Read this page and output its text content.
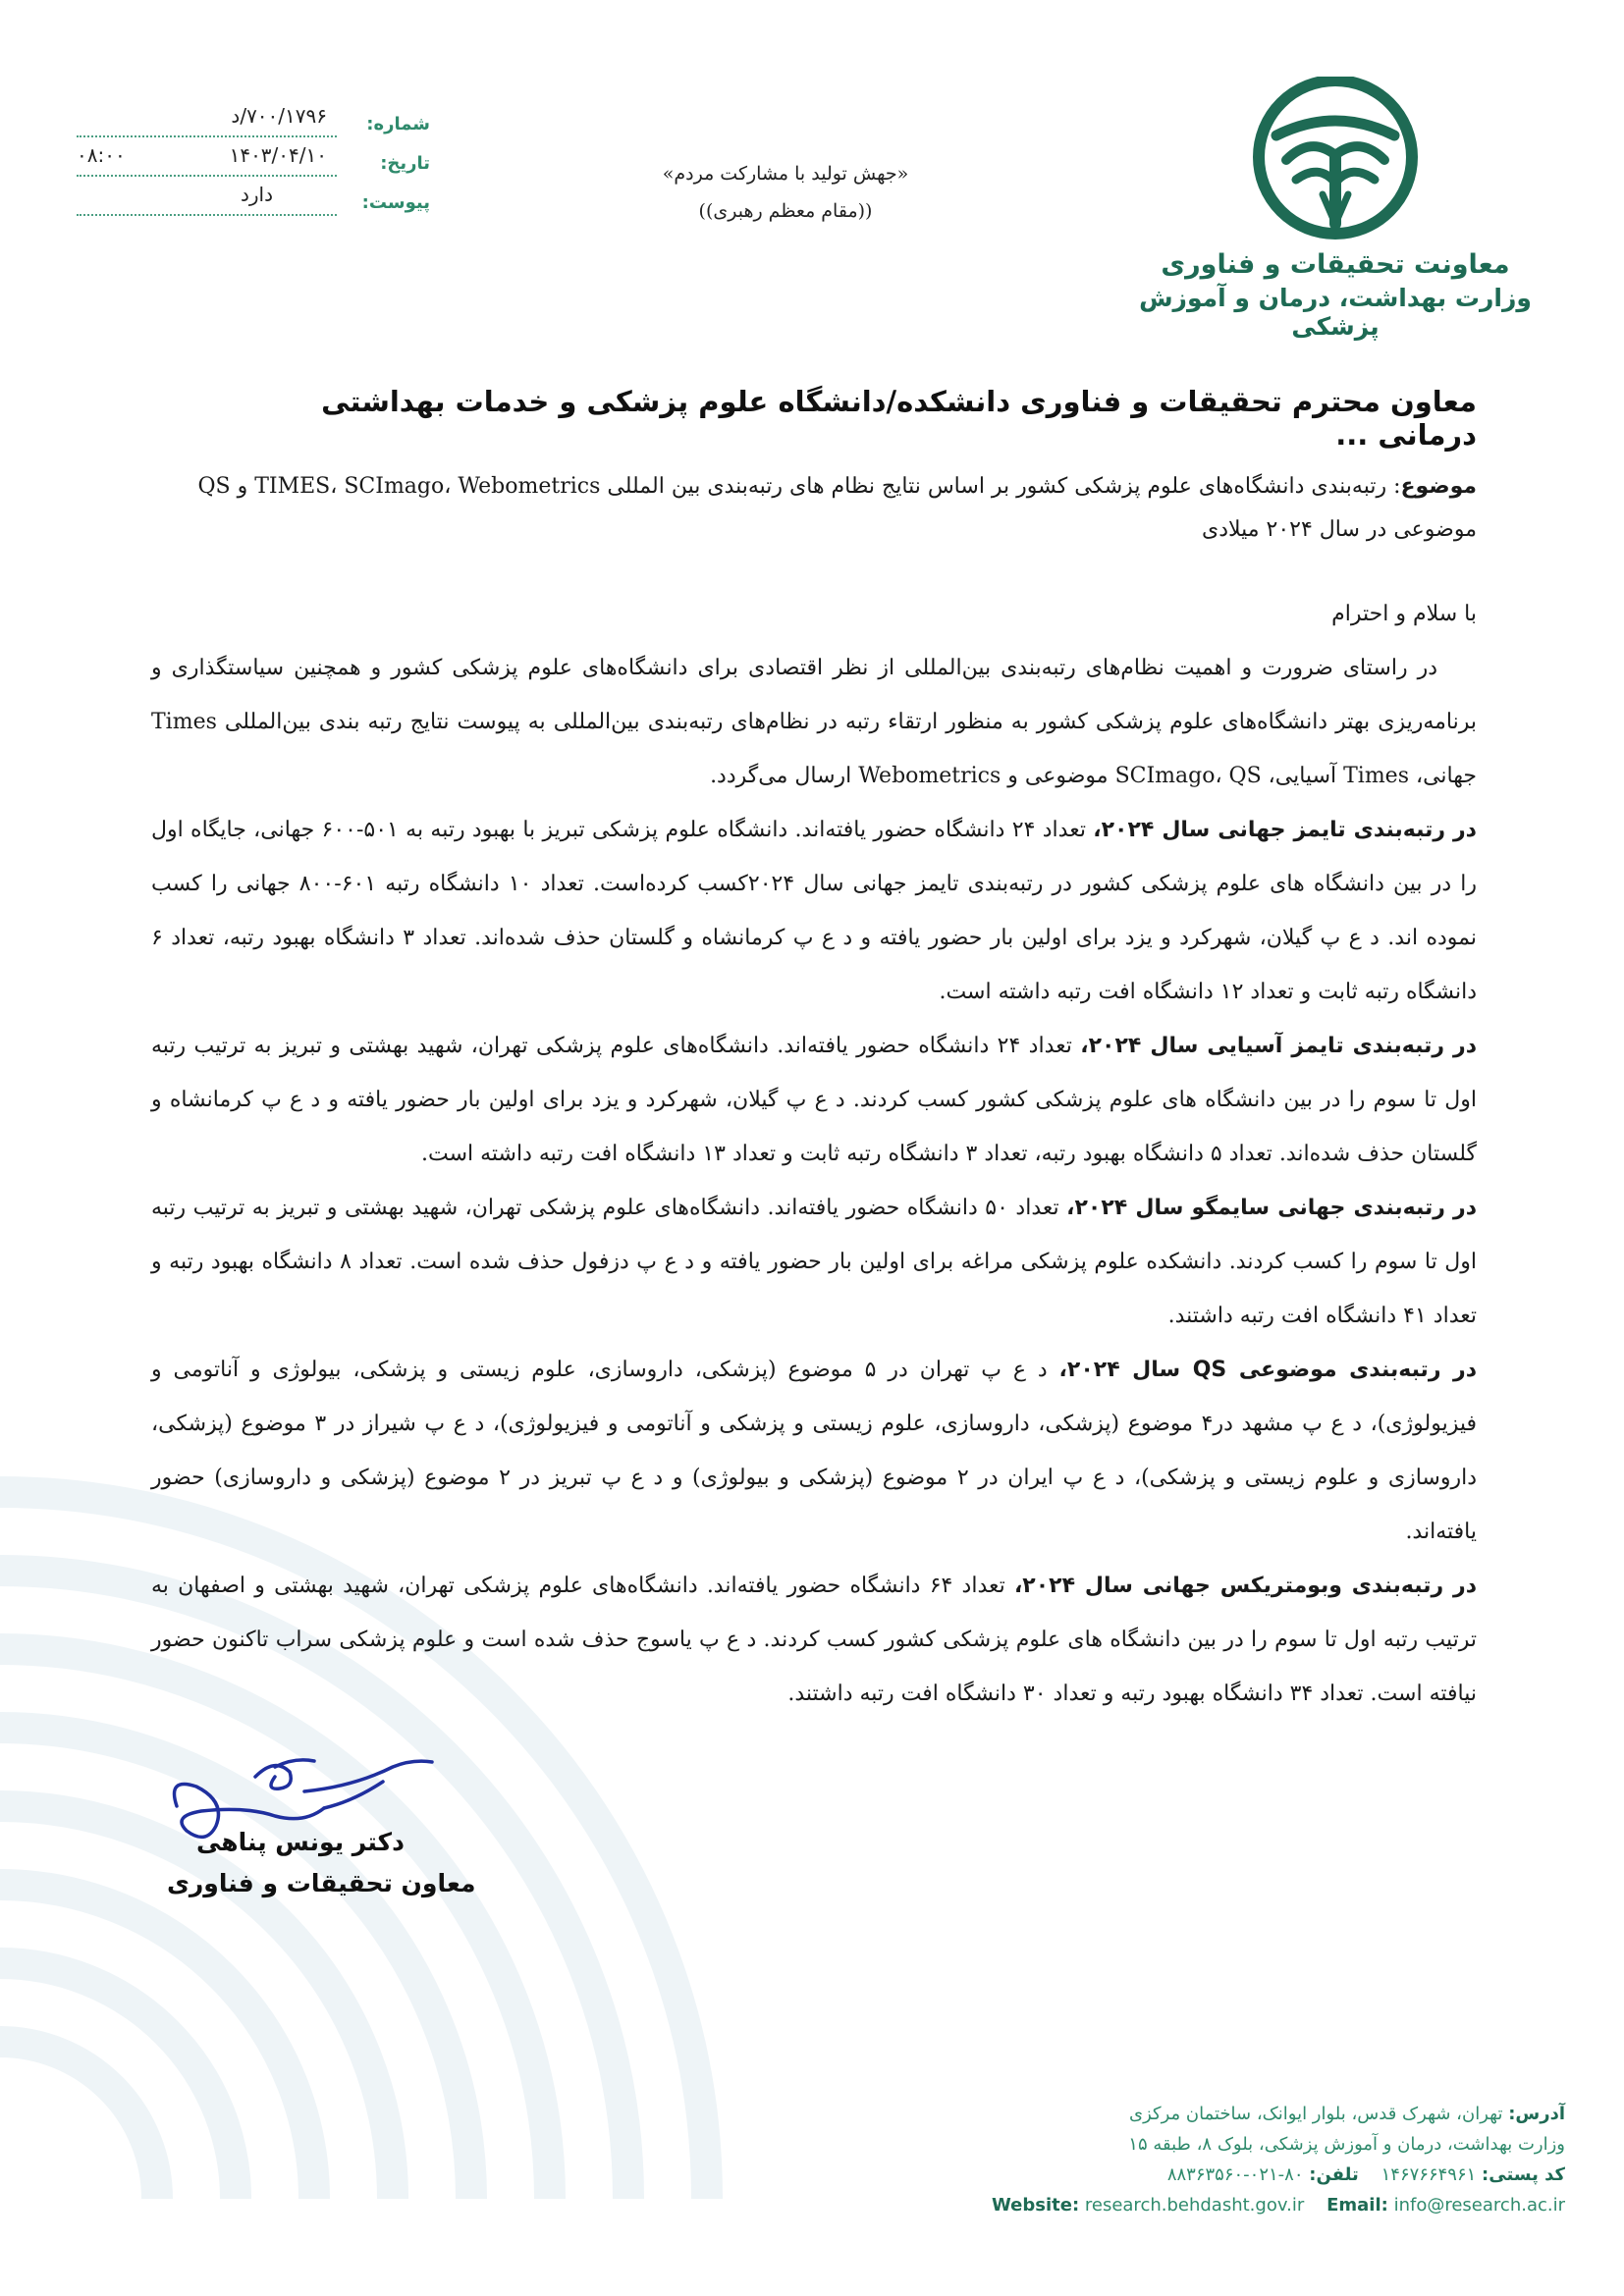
معاونت تحقیقات و فناوری
وزارت بهداشت، درمان و آموزش پزشکی
«جهش تولید با مشارکت مردم»
((مقام معظم رهبری))
شماره:
۷۰۰/۱۷۹۶/د
تاریخ:
۱۴۰۳/۰۴/۱۰
۰۸:۰۰
پیوست:
دارد
معاون محترم تحقیقات و فناوری دانشکده/دانشگاه علوم پزشکی و خدمات بهداشتی درمانی ...
موضوع: رتبه‌بندی دانشگاه‌های علوم پزشکی کشور بر اساس نتایج نظام های رتبه‌بندی بین المللی TIMES، SCImago، Webometrics و QS موضوعی در سال ۲۰۲۴ میلادی

با سلام و احترام

در راستای ضرورت و اهمیت نظام‌های رتبه‌بندی بین‌المللی از نظر اقتصادی برای دانشگاه‌های علوم پزشکی کشور و همچنین سیاستگذاری و برنامه‌ریزی بهتر دانشگاه‌های علوم پزشکی کشور به منظور ارتقاء رتبه در نظام‌های رتبه‌بندی بین‌المللی به پیوست نتایج رتبه بندی بین‌المللی Times جهانی، Times آسیایی، SCImago، QS موضوعی و Webometrics ارسال می‌گردد.

در رتبه‌بندی تایمز جهانی سال ۲۰۲۴، تعداد ۲۴ دانشگاه حضور یافته‌اند. دانشگاه علوم پزشکی تبریز با بهبود رتبه به ۵۰۱-۶۰۰ جهانی، جایگاه اول را در بین دانشگاه های علوم پزشکی کشور در رتبه‌بندی تایمز جهانی سال ۲۰۲۴کسب کرده‌است. تعداد ۱۰ دانشگاه رتبه ۶۰۱-۸۰۰ جهانی را کسب نموده اند. د ع پ گیلان، شهرکرد و یزد برای اولین بار حضور یافته و د ع پ کرمانشاه و گلستان حذف شده‌اند. تعداد ۳ دانشگاه بهبود رتبه، تعداد ۶ دانشگاه رتبه ثابت و تعداد ۱۲ دانشگاه افت رتبه داشته است.

در رتبه‌بندی تایمز آسیایی سال ۲۰۲۴، تعداد ۲۴ دانشگاه حضور یافته‌اند. دانشگاه‌های علوم پزشکی تهران، شهید بهشتی و تبریز به ترتیب رتبه اول تا سوم را در بین دانشگاه های علوم پزشکی کشور کسب کردند. د ع پ گیلان، شهرکرد و یزد برای اولین بار حضور یافته و د ع پ کرمانشاه و گلستان حذف شده‌اند. تعداد ۵ دانشگاه بهبود رتبه، تعداد ۳ دانشگاه رتبه ثابت و تعداد ۱۳ دانشگاه افت رتبه داشته است.

در رتبه‌بندی جهانی سایمگو سال ۲۰۲۴، تعداد ۵۰ دانشگاه حضور یافته‌اند. دانشگاه‌های علوم پزشکی تهران، شهید بهشتی و تبریز به ترتیب رتبه اول تا سوم را کسب کردند. دانشکده علوم پزشکی مراغه برای اولین بار حضور یافته و د ع پ دزفول حذف شده است. تعداد ۸ دانشگاه بهبود رتبه و تعداد ۴۱ دانشگاه افت رتبه داشتند.

در رتبه‌بندی موضوعی QS سال ۲۰۲۴، د ع پ تهران در ۵ موضوع (پزشکی، داروسازی، علوم زیستی و پزشکی، بیولوژی و آناتومی و فیزیولوژی)، د ع پ مشهد در۴ موضوع (پزشکی، داروسازی، علوم زیستی و پزشکی و آناتومی و فیزیولوژی)، د ع پ شیراز در ۳ موضوع (پزشکی، داروسازی و علوم زیستی و پزشکی)، د ع پ ایران در ۲ موضوع (پزشکی و بیولوژی) و د ع پ تبریز در ۲ موضوع (پزشکی و داروسازی) حضور یافته‌اند.

در رتبه‌بندی وبومتریکس جهانی سال ۲۰۲۴، تعداد ۶۴ دانشگاه حضور یافته‌اند. دانشگاه‌های علوم پزشکی تهران، شهید بهشتی و اصفهان به ترتیب رتبه اول تا سوم را در بین دانشگاه های علوم پزشکی کشور کسب کردند. د ع پ یاسوج حذف شده است و علوم پزشکی سراب تاکنون حضور نیافته است. تعداد ۳۴ دانشگاه بهبود رتبه و تعداد ۳۰ دانشگاه افت رتبه داشتند.

دکتر یونس پناهی
معاون تحقیقات و فناوری
آدرس: تهران، شهرک قدس، بلوار ایوانک، ساختمان مرکزی
وزارت بهداشت، درمان و آموزش پزشکی، بلوک ۸، طبقه ۱۵
کد پستی: ۱۴۶۷۶۶۴۹۶۱    تلفن: ۸۰-۰۲۱-۸۸۳۶۳۵۶۰
Website: research.behdasht.gov.ir Email: info@research.ac.ir
